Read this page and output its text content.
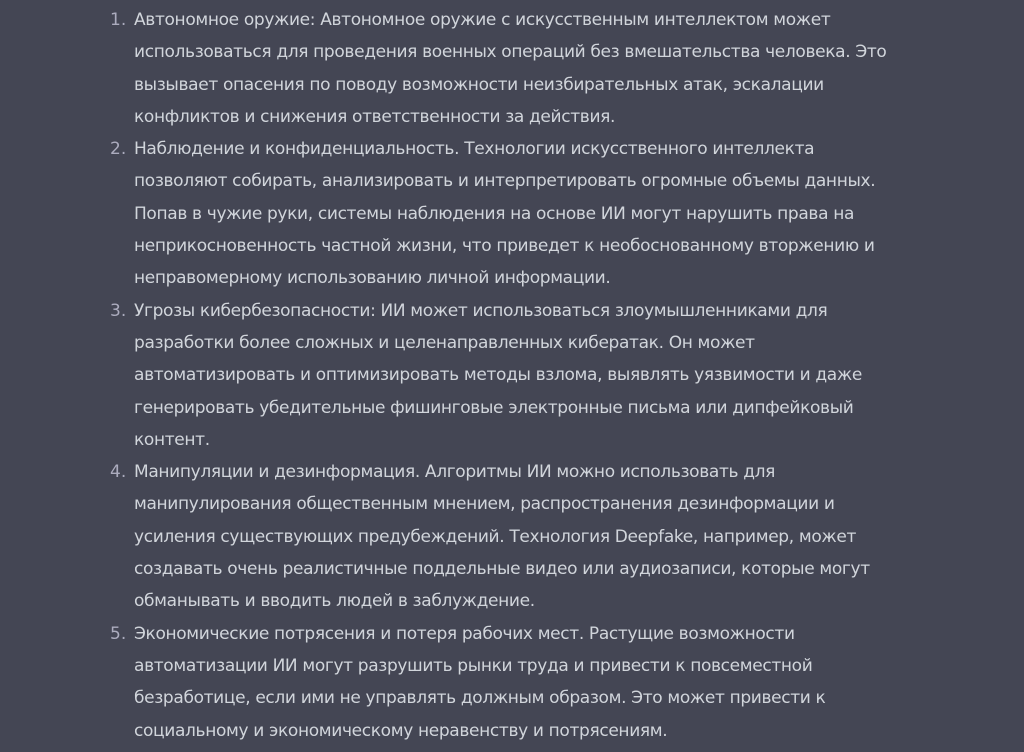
1. Автономное оружие: Автономное оружие с искусственным интеллектом может использоваться для проведения военных операций без вмешательства человека. Это вызывает опасения по поводу возможности неизбирательных атак, эскалации конфликтов и снижения ответственности за действия.
2. Наблюдение и конфиденциальность. Технологии искусственного интеллекта позволяют собирать, анализировать и интерпретировать огромные объемы данных. Попав в чужие руки, системы наблюдения на основе ИИ могут нарушить права на неприкосновенность частной жизни, что приведет к необоснованному вторжению и неправомерному использованию личной информации.
3. Угрозы кибербезопасности: ИИ может использоваться злоумышленниками для разработки более сложных и целенаправленных кибератак. Он может автоматизировать и оптимизировать методы взлома, выявлять уязвимости и даже генерировать убедительные фишинговые электронные письма или дипфейковый контент.
4. Манипуляции и дезинформация. Алгоритмы ИИ можно использовать для манипулирования общественным мнением, распространения дезинформации и усиления существующих предубеждений. Технология Deepfake, например, может создавать очень реалистичные поддельные видео или аудиозаписи, которые могут обманывать и вводить людей в заблуждение.
5. Экономические потрясения и потеря рабочих мест. Растущие возможности автоматизации ИИ могут разрушить рынки труда и привести к повсеместной безработице, если ими не управлять должным образом. Это может привести к социальному и экономическому неравенству и потрясениям.
